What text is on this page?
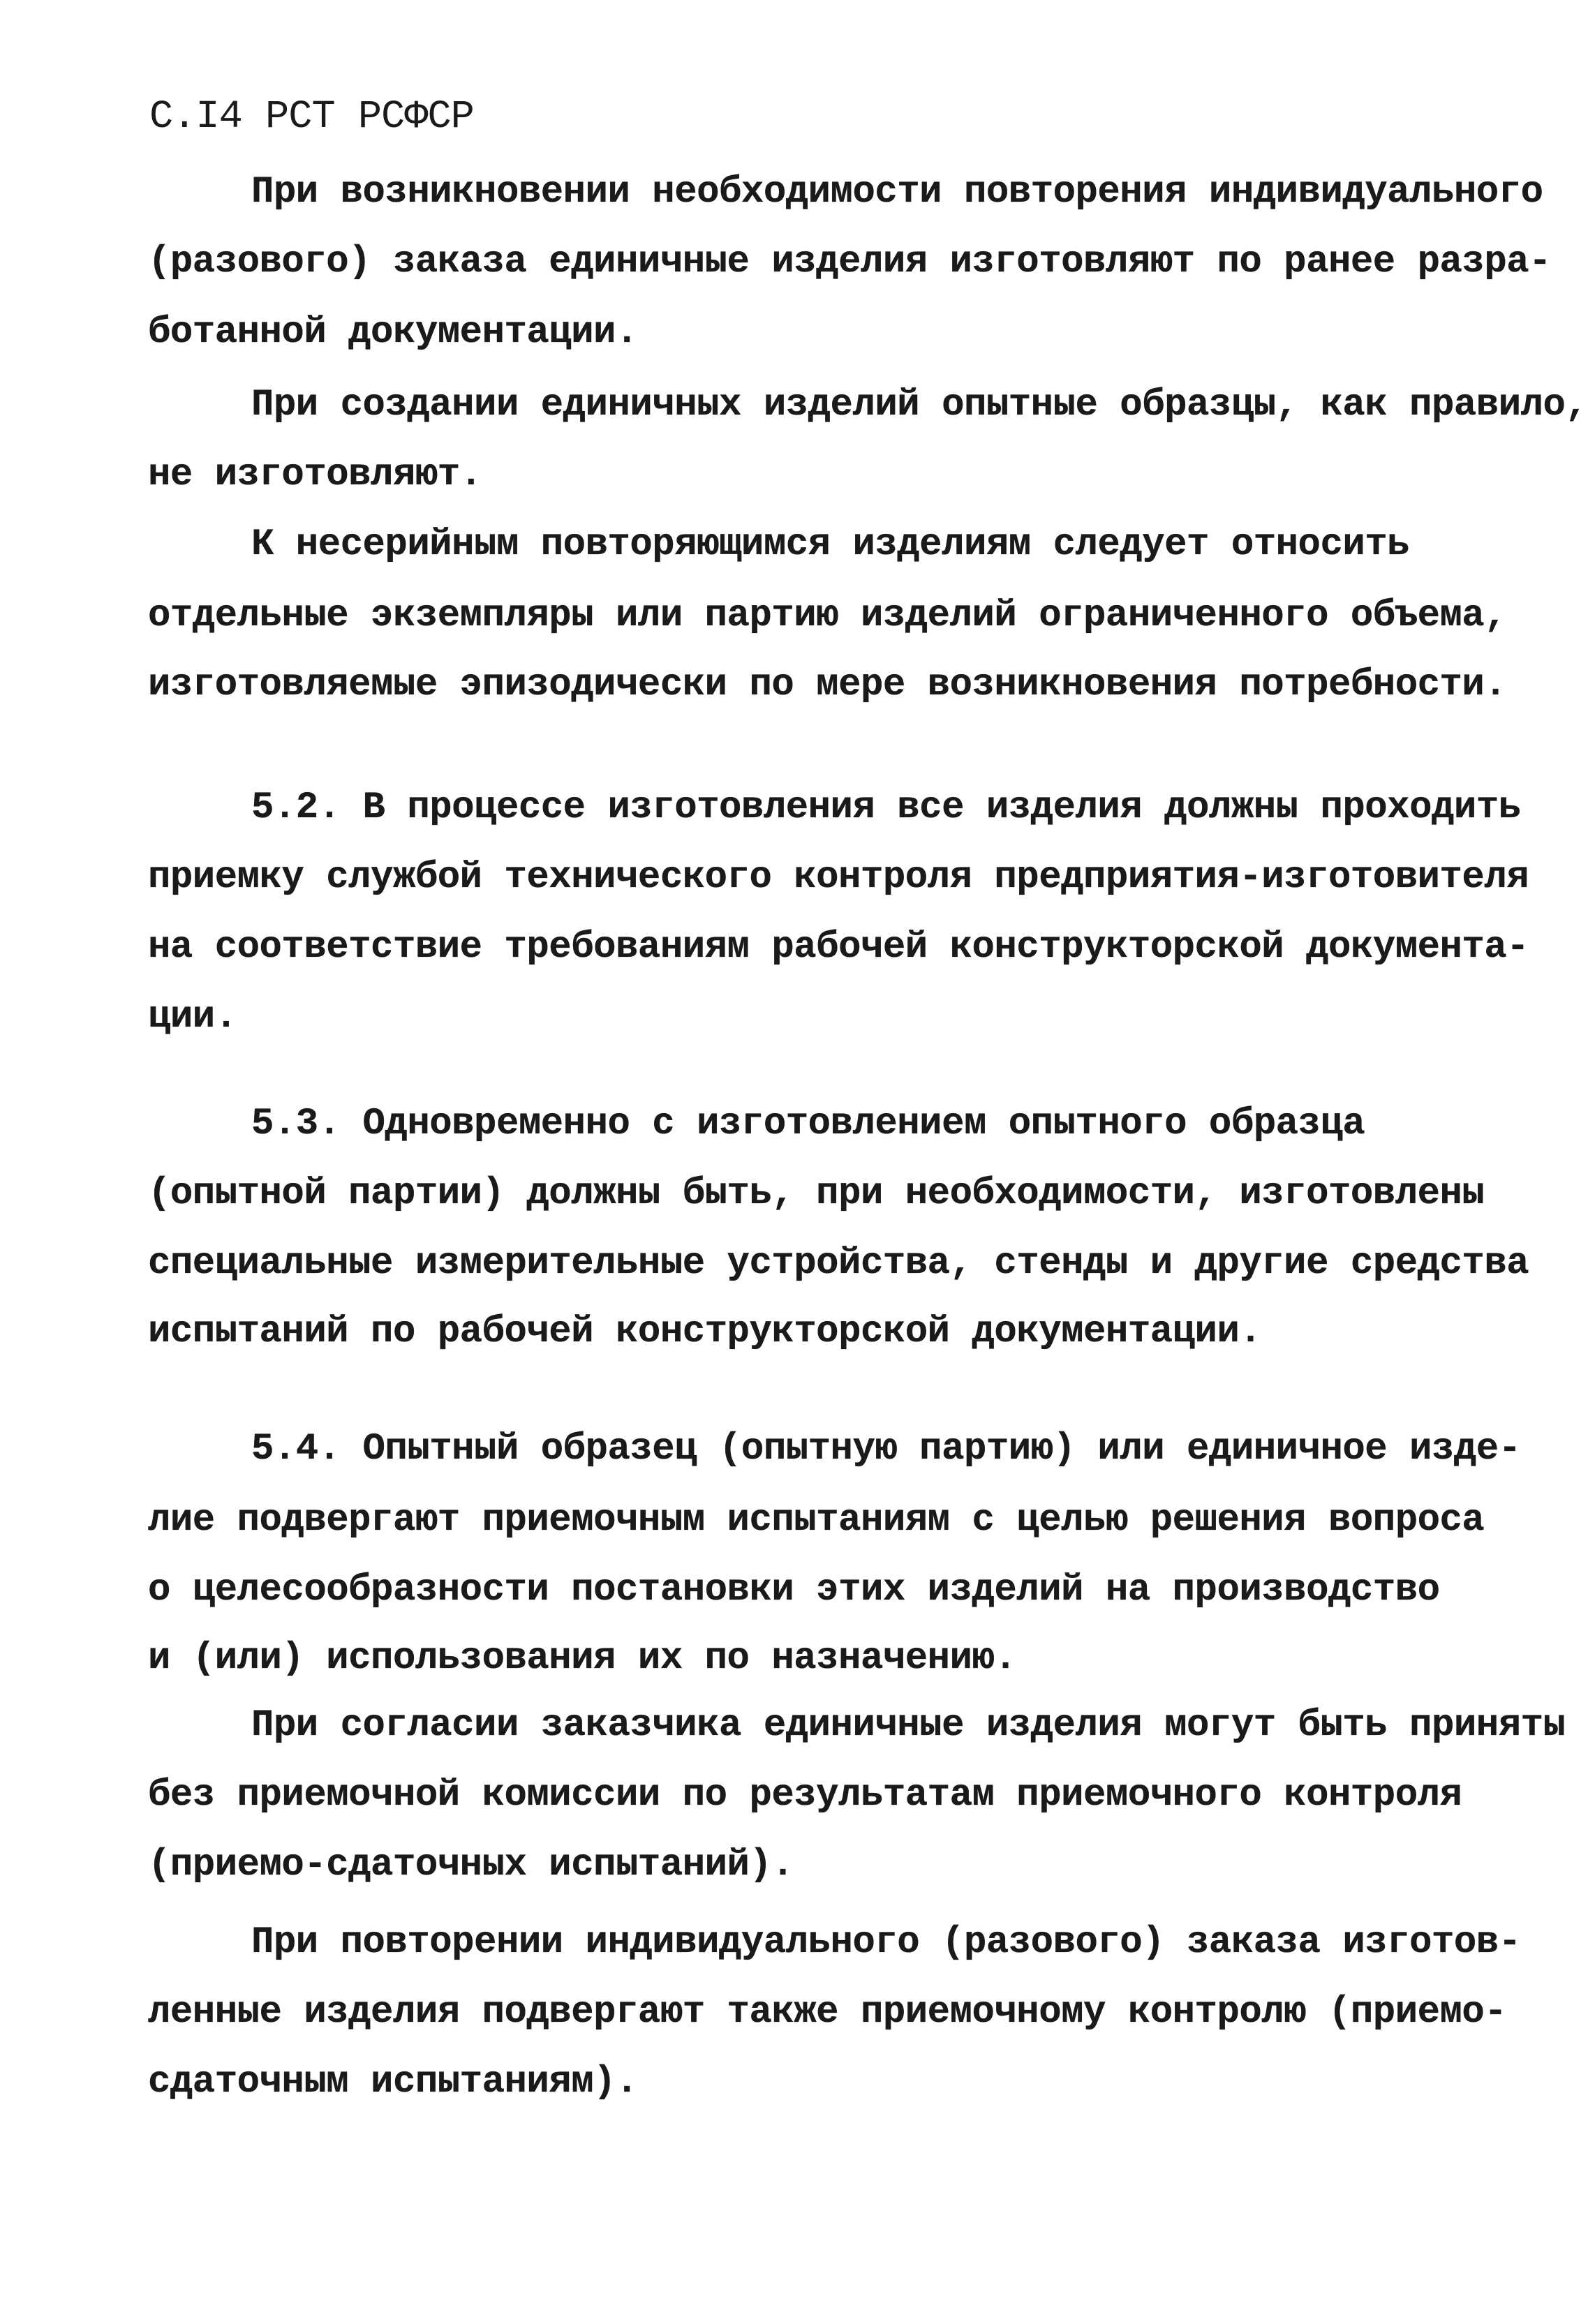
С.I4 РСТ РСФСР
При возникновении необходимости повторения индивидуального
(разового) заказа единичные изделия изготовляют по ранее разра-
ботанной документации.
При создании единичных изделий опытные образцы, как правило,
не изготовляют.
К несерийным повторяющимся изделиям следует относить
отдельные экземпляры или партию изделий ограниченного объема,
изготовляемые эпизодически по мере возникновения потребности.
5.2. В процессе изготовления все изделия должны проходить
приемку службой технического контроля предприятия-изготовителя
на соответствие требованиям рабочей конструкторской документа-
ции.
5.3. Одновременно с изготовлением опытного образца
(опытной партии) должны быть, при необходимости, изготовлены
специальные измерительные устройства, стенды и другие средства
испытаний по рабочей конструкторской документации.
5.4. Опытный образец (опытную партию) или единичное изде-
лие подвергают приемочным испытаниям с целью решения вопроса
о целесообразности постановки этих изделий на производство
и (или) использования их по назначению.
При согласии заказчика единичные изделия могут быть приняты
без приемочной комиссии по результатам приемочного контроля
(приемо-сдаточных испытаний).
При повторении индивидуального (разового) заказа изготов-
ленные изделия подвергают также приемочному контролю (приемо-
сдаточным испытаниям).
